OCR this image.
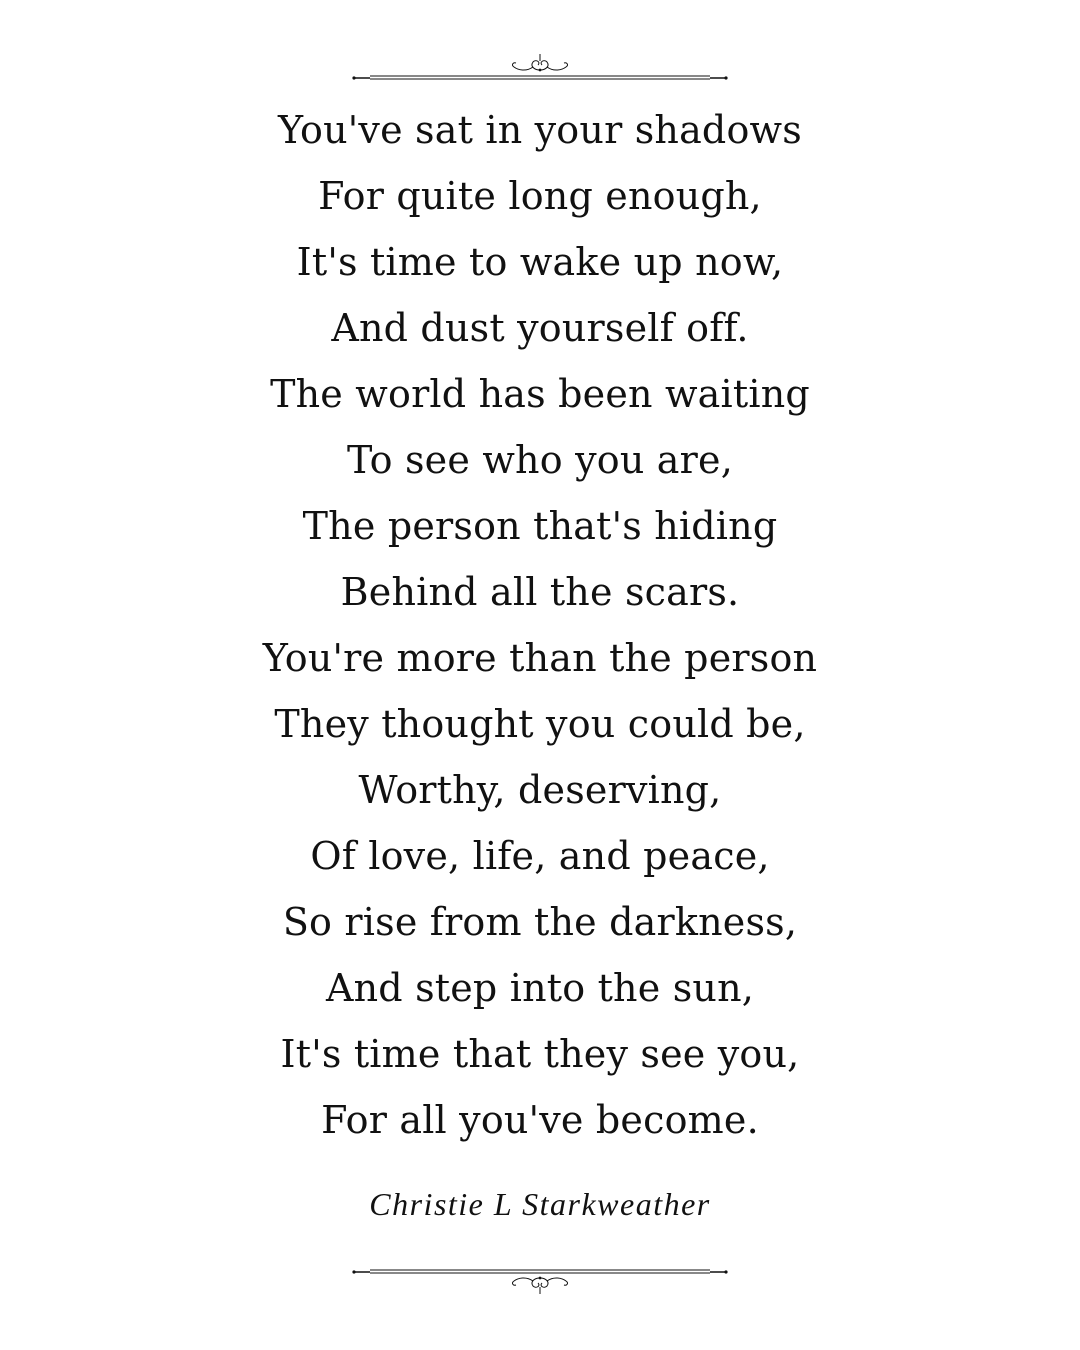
You've sat in your shadows
For quite long enough,
It's time to wake up now,
And dust yourself off.
The world has been waiting
To see who you are,
The person that's hiding
Behind all the scars.
You're more than the person
They thought you could be,
Worthy, deserving,
Of love, life, and peace,
So rise from the darkness,
And step into the sun,
It's time that they see you,
For all you've become.
Christie L Starkweather
